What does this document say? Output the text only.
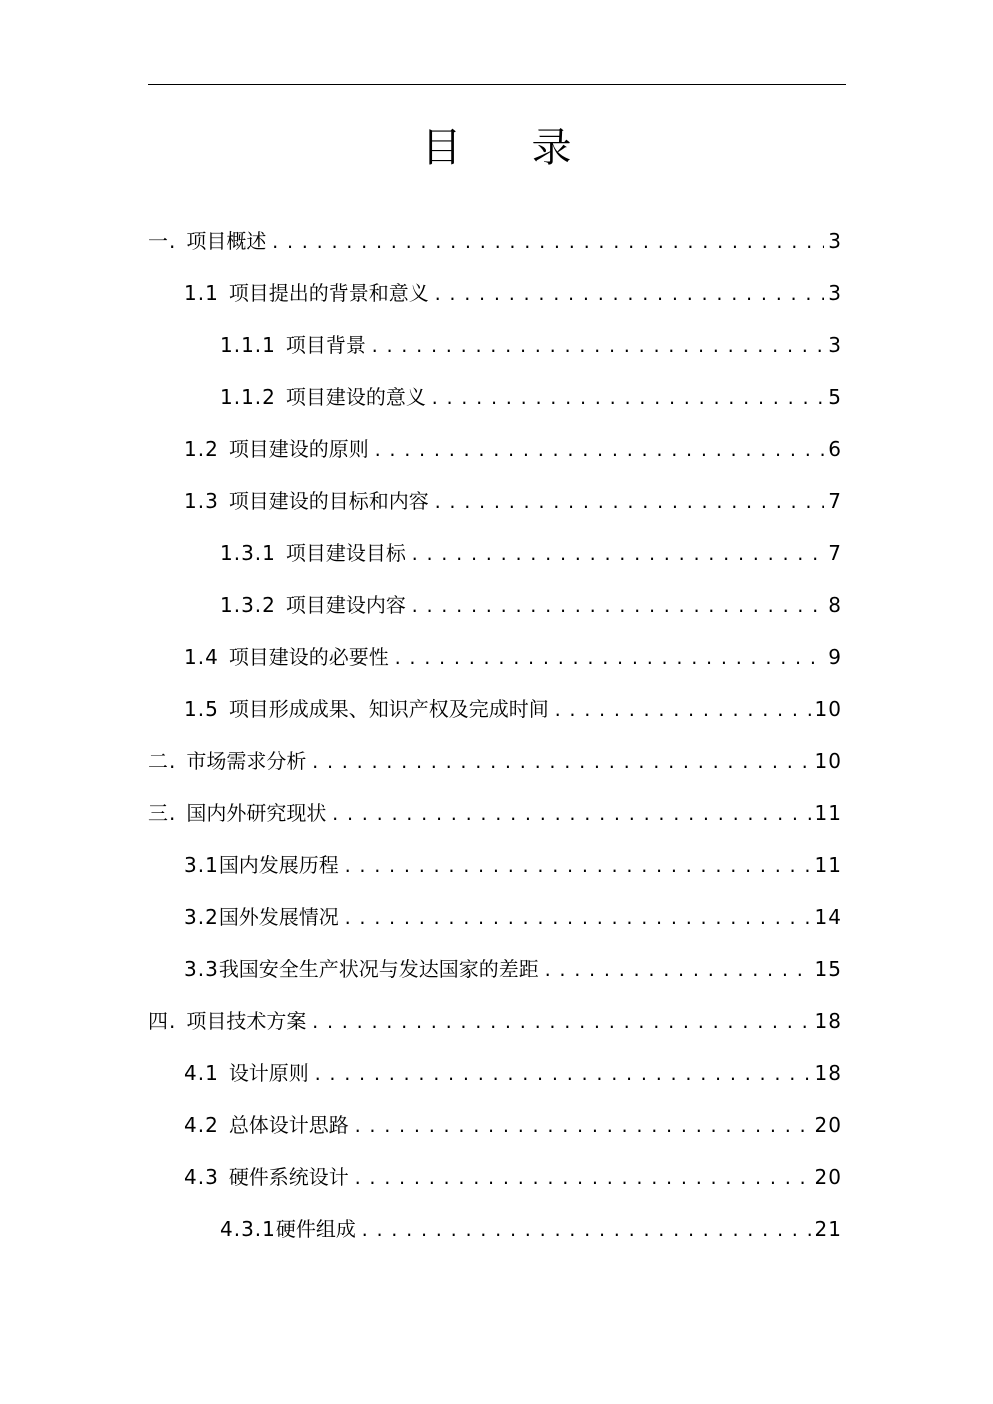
目录
一. 项目概述 .....	3
1.1 项目提出的背景和意义 .....	3
1.1.1 项目背景 .....	3
1.1.2 项目建设的意义 .....	5
1.2 项目建设的原则 .....	6
1.3 项目建设的目标和内容 .....	7
1.3.1 项目建设目标 .....	7
1.3.2 项目建设内容 .....	8
1.4 项目建设的必要性 .....	9
1.5 项目形成成果、知识产权及完成时间 .....	10
二. 市场需求分析 .....	10
三. 国内外研究现状 .....	11
3.1 国内发展历程 .....	11
3.2 国外发展情况 .....	14
3.3 我国安全生产状况与发达国家的差距 .....	15
四. 项目技术方案 .....	18
4.1 设计原则 .....	18
4.2 总体设计思路 .....	20
4.3 硬件系统设计 .....	20
4.3.1 硬件组成 .....	21
